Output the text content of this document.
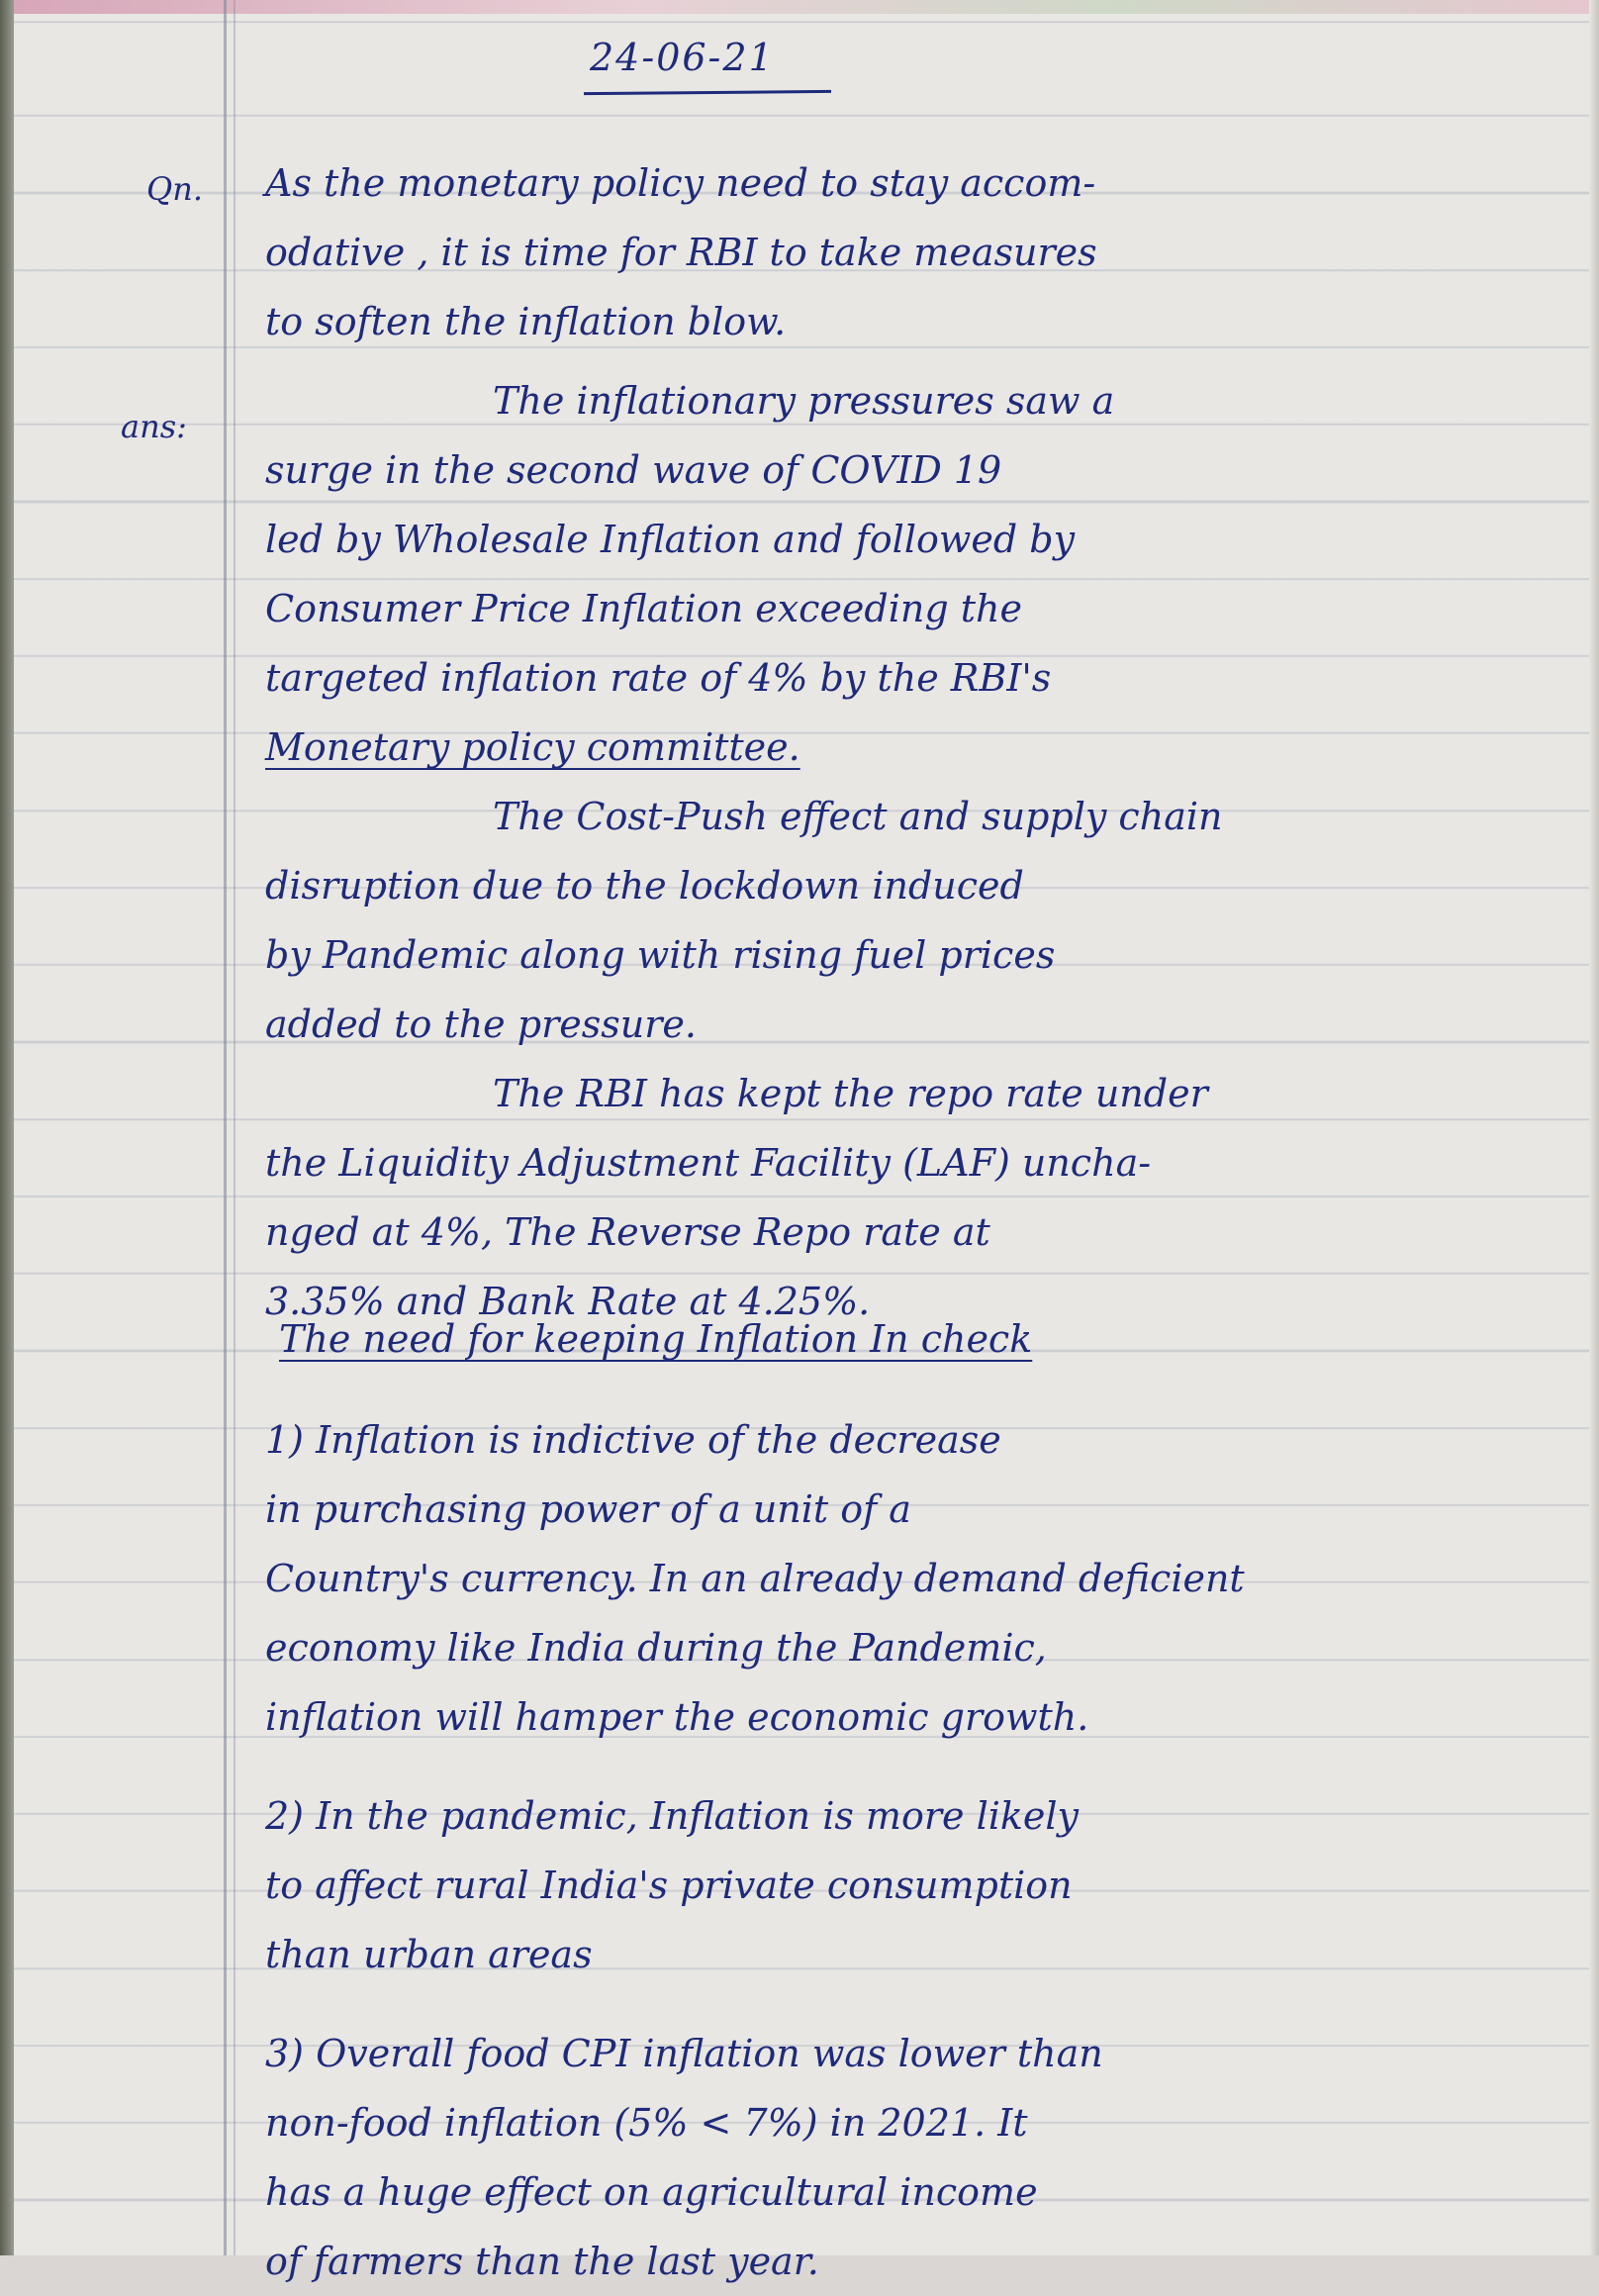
24-06-21
Qn.
ans:
As the monetary policy need to stay accom-
odative , it is time for RBI to take measures
to soften the inflation blow.
The inflationary pressures saw a
surge in the second wave of COVID 19
led by Wholesale Inflation and followed by
Consumer Price Inflation exceeding the
targeted inflation rate of 4% by the RBI's
Monetary policy committee.
The Cost-Push effect and supply chain
disruption due to the lockdown induced
by Pandemic along with rising fuel prices
added to the pressure.
The RBI has kept the repo rate under
the Liquidity Adjustment Facility (LAF) uncha-
nged at 4%, The Reverse Repo rate at
3.35% and Bank Rate at 4.25%.
The need for keeping Inflation In check
1) Inflation is indictive of the decrease
in purchasing power of a unit of a
Country's currency. In an already demand deficient
economy like India during the Pandemic,
inflation will hamper the economic growth.
2) In the pandemic, Inflation is more likely
to affect rural India's private consumption
than urban areas
3) Overall food CPI inflation was lower than
non-food inflation (5% < 7%) in 2021. It
has a huge effect on agricultural income
of farmers than the last year.
